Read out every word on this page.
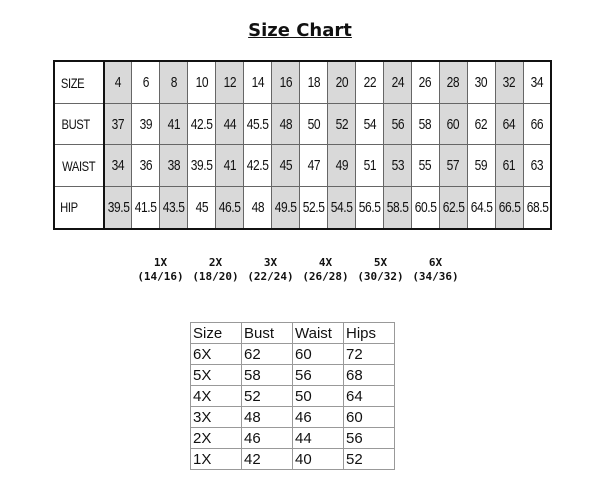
Size Chart
SIZE	4	6	8	10	12	14	16	18	20	22	24	26	28	30	32	34
BUST	37	39	41	42.5	44	45.5	48	50	52	54	56	58	60	62	64	66
WAIST	34	36	38	39.5	41	42.5	45	47	49	51	53	55	57	59	61	63
HIP	39.5	41.5	43.5	45	46.5	48	49.5	52.5	54.5	56.5	58.5	60.5	62.5	64.5	66.5	68.5
1X
(14/16)
2X
(18/20)
3X
(22/24)
4X
(26/28)
5X
(30/32)
6X
(34/36)
Size	Bust	Waist	Hips
6X	62	60	72
5X	58	56	68
4X	52	50	64
3X	48	46	60
2X	46	44	56
1X	42	40	52
